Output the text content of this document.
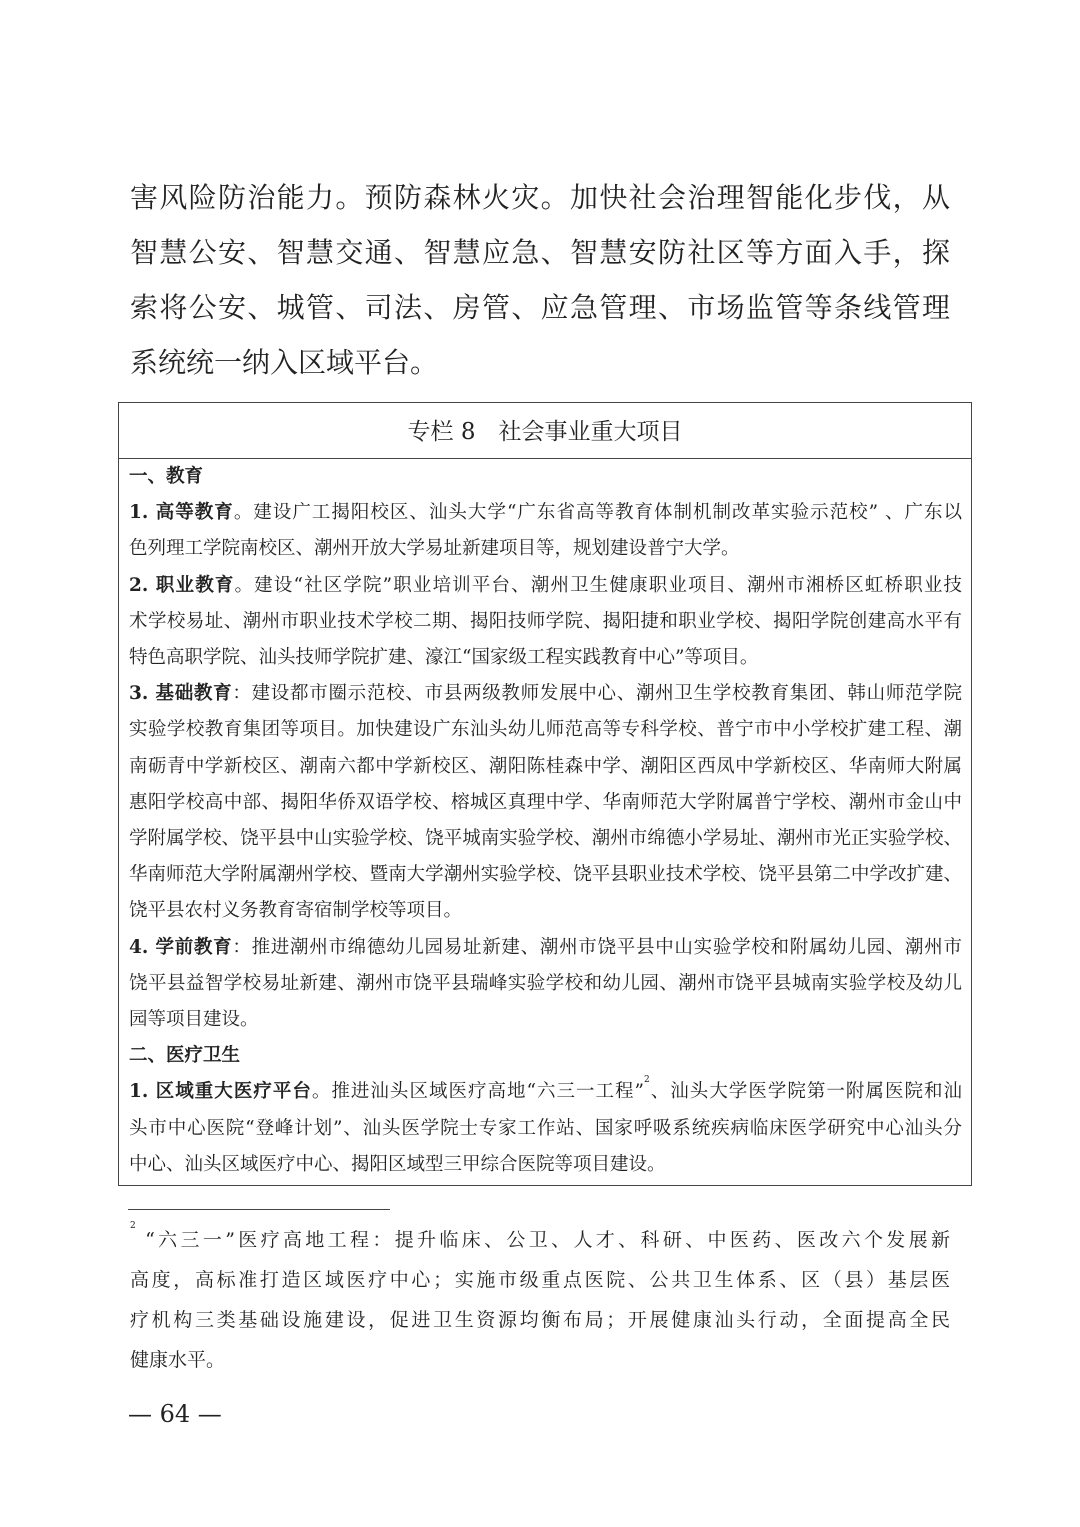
害风险防治能力。预防森林火灾。加快社会治理智能化步伐，从
智慧公安、智慧交通、智慧应急、智慧安防社区等方面入手，探
索将公安、城管、司法、房管、应急管理、市场监管等条线管理
系统统一纳入区域平台。
专栏 8　社会事业重大项目
一、教育
1. 高等教育。建设广工揭阳校区、汕头大学“广东省高等教育体制机制改革实验示范校” 、广东以
色列理工学院南校区、潮州开放大学易址新建项目等，规划建设普宁大学。
2. 职业教育。建设“社区学院”职业培训平台、潮州卫生健康职业项目、潮州市湘桥区虹桥职业技
术学校易址、潮州市职业技术学校二期、揭阳技师学院、揭阳捷和职业学校、揭阳学院创建高水平有
特色高职学院、汕头技师学院扩建、濠江“国家级工程实践教育中心”等项目。
3. 基础教育：建设都市圈示范校、市县两级教师发展中心、潮州卫生学校教育集团、韩山师范学院
实验学校教育集团等项目。加快建设广东汕头幼儿师范高等专科学校、普宁市中小学校扩建工程、潮
南砺青中学新校区、潮南六都中学新校区、潮阳陈桂森中学、潮阳区西凤中学新校区、华南师大附属
惠阳学校高中部、揭阳华侨双语学校、榕城区真理中学、华南师范大学附属普宁学校、潮州市金山中
学附属学校、饶平县中山实验学校、饶平城南实验学校、潮州市绵德小学易址、潮州市光正实验学校、
华南师范大学附属潮州学校、暨南大学潮州实验学校、饶平县职业技术学校、饶平县第二中学改扩建、
饶平县农村义务教育寄宿制学校等项目。
4. 学前教育：推进潮州市绵德幼儿园易址新建、潮州市饶平县中山实验学校和附属幼儿园、潮州市
饶平县益智学校易址新建、潮州市饶平县瑞峰实验学校和幼儿园、潮州市饶平县城南实验学校及幼儿
园等项目建设。
二、医疗卫生
1. 区域重大医疗平台。推进汕头区域医疗高地“六三一工程”$^2$、汕头大学医学院第一附属医院和汕
头市中心医院“登峰计划”、汕头医学院士专家工作站、国家呼吸系统疾病临床医学研究中心汕头分
中心、汕头区域医疗中心、揭阳区域型三甲综合医院等项目建设。
$^2$ “六三一”医疗高地工程：提升临床、公卫、人才、科研、中医药、医改六个发展新
高度，高标准打造区域医疗中心；实施市级重点医院、公共卫生体系、区（县）基层医
疗机构三类基础设施建设，促进卫生资源均衡布局；开展健康汕头行动，全面提高全民
健康水平。
— 64 —
